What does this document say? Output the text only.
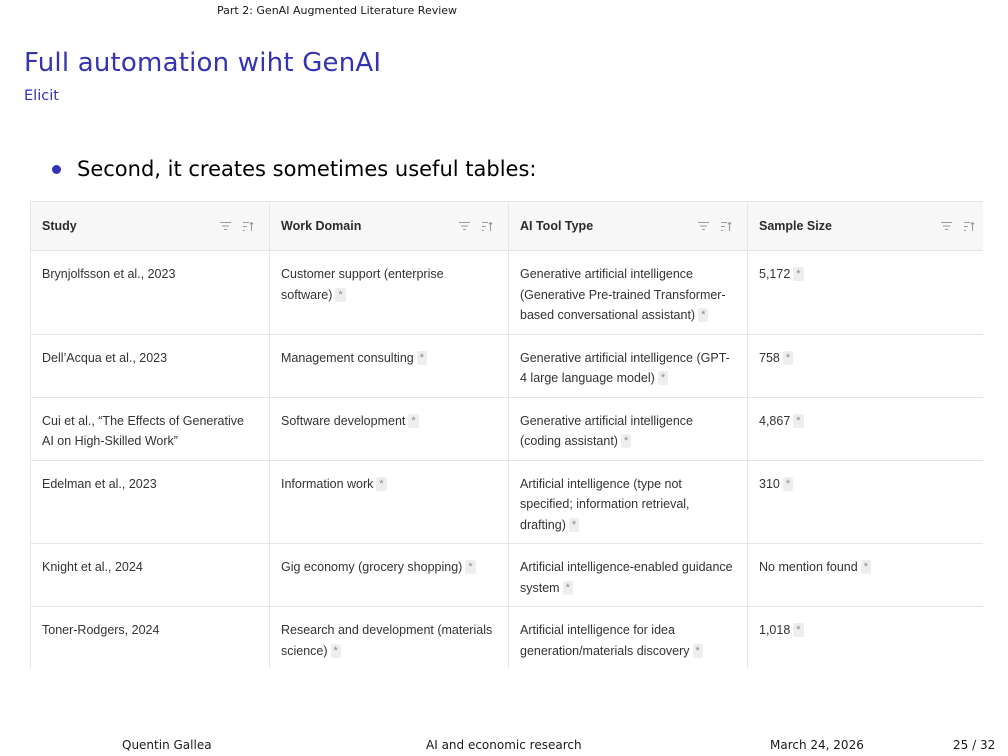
Part 2: GenAI Augmented Literature Review
Full automation wiht GenAI
Elicit
Second, it creates sometimes useful tables:
Study	Work Domain	AI Tool Type	Sample Size

Brynjolfsson et al., 2023	Customer support (enterprise software) *	Generative artificial intelligence (Generative Pre-trained Transformer-based conversational assistant) *	5,172 *
Dell’Acqua et al., 2023	Management consulting *	Generative artificial intelligence (GPT-4 large language model) *	758 *
Cui et al., “The Effects of Generative AI on High-Skilled Work”	Software development *	Generative artificial intelligence (coding assistant) *	4,867 *
Edelman et al., 2023	Information work *	Artificial intelligence (type not specified; information retrieval, drafting) *	310 *
Knight et al., 2024	Gig economy (grocery shopping) *	Artificial intelligence-enabled guidance system *	No mention found *
Toner-Rodgers, 2024	Research and development (materials science) *	Artificial intelligence for idea generation/materials discovery *	1,018 *
Quentin Gallea	AI and economic research	March 24, 2026	25 / 32
